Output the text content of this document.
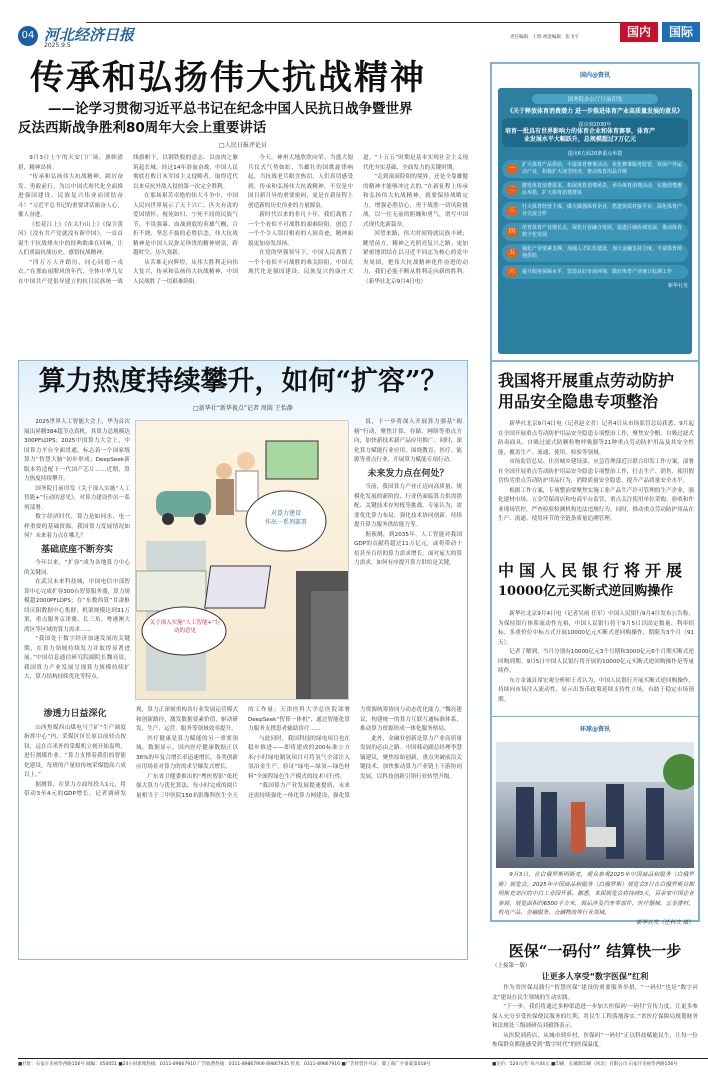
04 河北经济日报
2025.9.5
责任编辑：王辉 视觉编辑：张飞宇	国内	国际
传承和弘扬伟大抗战精神
——论学习贯彻习近平总书记在纪念中国人民抗日战争暨世界
反法西斯战争胜利80周年大会上重要讲话
□人民日报评论员

9月3日上午的天安门广场，旗帜猎猎，精神昂扬。

“传承和弘扬伟大抗战精神，踔厉奋发、勇毅前行，为以中国式现代化全面推进强国建设、民族复兴伟业而团结奋斗！”习近平总书记的重要讲话振奋人心，催人奋进。

《松花江上》《在太行山上》《保卫黄河》《没有共产党就没有新中国》，一首首诞生于抗战烽火中的经典歌曲在回响，让人们重温抗战历史、感悟抗战精神。

“四万万人齐蹈厉，同心同德一戎衣。”在那血雨腥风的年代，全体中华儿女在中国共产党倡导建立的抗日民族统一战线旗帜下，以钢铁般的意志、以血肉之躯筑起长城。经过14年浴血奋战，中国人民彻底打败日本军国主义侵略者，取得近代以来反抗外敌入侵的第一次完全胜利。

在那场艰苦卓绝的伟大斗争中，中国人民向世界展示了天下兴亡、匹夫有责的爱国情怀，视死如归、宁死不屈的民族气节，不畏强暴、血战到底的英雄气概，百折不挠、坚忍不拔的必胜信念。伟大抗战精神是中国人民弥足珍贵的精神财富，跨越时空、历久弥新。

从苦难走向辉煌，从伟大胜利走向伟大复兴，传承和弘扬伟大抗战精神，中国人民战胜了一切艰难险阻。

今天，神州大地欣欣向荣。当盛大阅兵仪式气势如虹，当雄壮的国歌旋律响起，当抗战老兵眼含热泪，人们真切感受到，传承和弘扬伟大抗战精神，不仅是中国日新月异的重要密码，更是在新征程上创造新的历史伟业的力量源泉。

新时代以来的非凡十年，我们战胜了一个个看似不可战胜的艰难险阻，创造了一个个令人刮目相看的人间奇迹，精神面貌更加奋发昂扬。

在党的坚强领导下，中国人民战胜了一个个看似不可战胜的难关险阻。中国式现代化是强国建设、民族复兴的康庄大道。“十五五”时期是基本实现社会主义现代化夯实基础、全面发力的关键时期。

“走到滚滚险阻的境界，还是全靠雄健的精神才能够冲过去的。”在新征程上传承和弘扬伟大抗战精神，就要保持战略定力，增强必胜信心，勇于战胜一切风险挑战，以一往无前的胆魄和勇气，谱写中国式现代化新篇章。

回望来路，伟大时间铸就民族丰碑；眺望前方，精神之光照亮复兴之路。更加紧密地团结在以习近平同志为核心的党中央周围，把伟大抗战精神化作奋进的动力，我们必能不断从胜利走向新的胜利。 （新华社北京9月4日电）

算力热度持续攀升，如何“扩容”？
□新华社“新华视点”记者 周圆 王怡静

2025世界人工智能大会上，华为首次展出昇腾384超节点真机，其算力总规模达300PFLOPS；2025中国算力大会上，中国算力平台全面贯通，标志着一个国家级算力“智慧大脑”初步形成；DeepSeek新版本将适配下一代国产芯片……近期，算力热度持续攀升。

国务院日前印发《关于深入实施“人工智能+”行动的意见》，对算力建设作出一系列部署。

数字经济时代，算力是如同水、电一样重要的基础资源。我国算力发展情况如何？未来着力点在哪儿？

基础底座不断夯实

今年以来，“扩容”成为各地算力中心的关键词。

在武汉未来科技城，中国电信中部智算中心完成扩容300台智算服务器，算力规模超2000PFLOPS；在“东数西算”甘肃枢纽庆阳数据中心集群，机架规模达到31万架，重点服务京津冀、长三角、粤港澳大湾区等区域的算力需求……

“我国处于数字经济加速发展的关键期，在算力领域持续发力并取得显著进展。”中国信息通信研究院副院长魏亮说，我国算力产业发展呈现算力规模持续扩大、算力结构持续优化等特点。

对算力建设
作出一系列部署
关于深入实施“人工智能+”行动的意见

说，下一步将深入开展算力强基“揭榜”行动，聚焦计算、存储、网络等重点方向，加快新技术新产品应用推广。同时，深化算力赋能行业应用，围绕教育、医疗、能源等重点行业，开展算力赋能专项行动。

未来发力点在何处？

当前，我国算力产业正迈向高质量、规模化发展的新阶段，行业仍面临算力供需错配、关键技术存短板等挑战。专家认为，需要优化算力布局、强化技术协同创新、持续提升算力服务供给能力等。

据预测，到2035年，人工智能对我国GDP的贡献将超过11万亿元，或将带动十倍甚至百倍的算力需求增长。面对庞大的算力需求，如何有序提升算力供给是关键。

渗透力日益深化

山西焦煤西山煤电马兰矿“生产调度指挥中心”内，采煤区区长原以前轻点按钮，远在百米外的采煤机立刻开始轰鸣，进行割煤作业。“算力支撑着我们的智能化建设，每班的产量较传统采煤提高六成以上。”

据测算，在算力方面每投入1元，将带动3至4元的GDP增长。记者调研发现，算力正深刻重构各行业发展运营模式和创新路径，激发数据要素价值，驱动研发、生产、运营、服务等领域效率提升。

医疗健康是算力赋能的另一重要领域。数据显示，国内医疗健康数据正以36%的年复合增长率迅速增长，各类创新应用场景对算力的需求呈爆发式增长。

广东省卫健委推出的“粤医智影”依托强大算力与优化算法，每小时完成的阅片量相当于三甲医院150名影像科医生全天的工作量；天津医科大学总医院部署DeepSeek“智算一体机”，通过智能化算力服务支撑患者辅助诊疗……

与此同时，我国科技的绿电项目也在稳步推进——即将建成的200标准立方米/小时绿电制氢项目可将氢气全部注入氢冶金生产，验证“绿电—绿氢—绿色材料”全流程绿色生产模式的技术可行性。

“我国算力产业发展提速提质，未来还需持续强化一体化算力网建设，强化算力资源统筹协同与动态优化能力。”魏亮建议，构建统一的算力互联互通标准体系，推动算力资源形成一体化服务格局。

此外，金融业创新是算力产业高质量发展的必由之路。中国移动副总经理李慧镝建议，聚焦原始创新，重点突破前沿关键技术，加快推动算力产业链上下游协同发展，以科技创新引领行业转型升级。

国内@资讯
国务院办公厅日前印发
《关于释放体育消费潜力 进一步推进体育产业高质量发展的意见》
提出到2030年
培育一批具有世界影响力的体育企业和体育赛事，体育产业发展水平大幅跃升，总规模超过7万亿元
提出6方面20条重点举措
一	扩大体育产品供给，丰富体育赛事活动，优化赛事服务监管，发展户外运动产业，积极扩大冰雪经济，推动体育用品升级
二	激发体育消费需求，拓展体育消费场景，举办体育消费活动，实施消费惠民举措，扩大体育消费群体
三	壮大体育经营主体，做大做强体育企业，搭建优质对接平台，深化体育产业交流合作
四	培育体育产业增长点，深化行业融合发展，促进区域协调发展，推动体育数字化发展
五	强化产业要素支撑，加强人才队伍建设，加大金融支持力度，丰富体育场地供给
六	提升服务保障水平，营造良好市场环境，做好体育产业统计监测工作
新华社发
我国将开展重点劳动防护
用品安全隐患专项整治

新华社北京9月4日电（记者赵文君）记者4日从市场监管总局获悉，9月起在全国开展重点劳动防护用品安全隐患专项整治工作，聚焦安全帽、自吸过滤式防毒面具、自吸过滤式防颗粒物呼吸器等21种重点劳动防护用品及其安全性能，覆盖生产、流通、使用、检验等领域。

市场监管总局、住房城乡建设部、应急管理部近日联合印发工作方案，部署在全国开展重点劳动防护用品安全隐患专项整治工作，打击生产、销售、使用假冒伪劣重点劳动防护用品行为，消除质量安全隐患，提升产品质量安全水平。

根据工作方案，专项整治要聚焦实施工业产品生产许可管理的生产企业，强化建材市场、五金劳保商店和电商平台监管，重点关注使用单位采购、验收和作业现场管控，严查检验检测机构违法违规行为。同时，推动重点劳动防护用品在生产、流通、使用环节的全链条质量追溯管理。

中国人民银行将开展
10000亿元买断式逆回购操作

新华社北京9月4日电（记者吴雨 任军）中国人民银行9月4日发布公告称，为保持银行体系流动性充裕，中国人民银行将于9月5日以固定数量、利率招标、多重价位中标方式开展10000亿元买断式逆回购操作，期限为3个月（91天）。

记者了解到，当月分别有10000亿元3个月期和3000亿元6个月期买断式逆回购到期。9月5日中国人民银行将开展的10000亿元买断式逆回购操作是等量续作。

东方金诚首席宏观分析师王青认为，中国人民银行开展买断式逆回购操作，持续向市场注入流动性，显示出货币政策延续支持性立场，有助于稳定市场预期。

环球@资讯

9月3日，在白俄罗斯明斯克，观众参观2025年中国商品和服务（白俄罗斯）展览会。2025年中国商品和服务（白俄罗斯）展览会3日在白俄罗斯首都明斯克郊区的中白工业园开幕。据悉，本届展览会将持续3天，百余家中国企业参展，展览面积约6500平方米，展品涉及汽车零部件、医疗器械、五金建材、机电产品、金融服务、仓储物流等行业领域。

新华社发（任科夫 摄）
医保“一码付” 结算快一步
（上接第一版）
让更多人享受“数字医保”红利

作为省医保局践行“智慧医保”建设的重要服务举措，“一码付”也是“数字河北”建设在民生领域的生动实践。

“下一步，我们将通过多种渠道进一步加大医保码‘一码付’宣传力度，让更多参保人充分享受医保便民服务的红利，将民生工程落地落实。”省医疗保障局规划财务和法规处三级调研员刘毅锋表示。

从医院到药店，从城市到乡村，医保码“一码付”正以科技赋能民生，让每一位参保群众都能感受到“数字时代”的医保温度。

■社址：石家庄市裕华西路156号 邮编：050051 ■24小时新闻热线：0311-89867910 广告收费热线：0311-89867909 89867935 传真：0311-89867916 ■广告经营许可证：冀工商广字备案第018号	■定价：520元/年 每月44元 ■印刷：长城新印刷（河北）有限公司 石家庄市裕华西路156号
